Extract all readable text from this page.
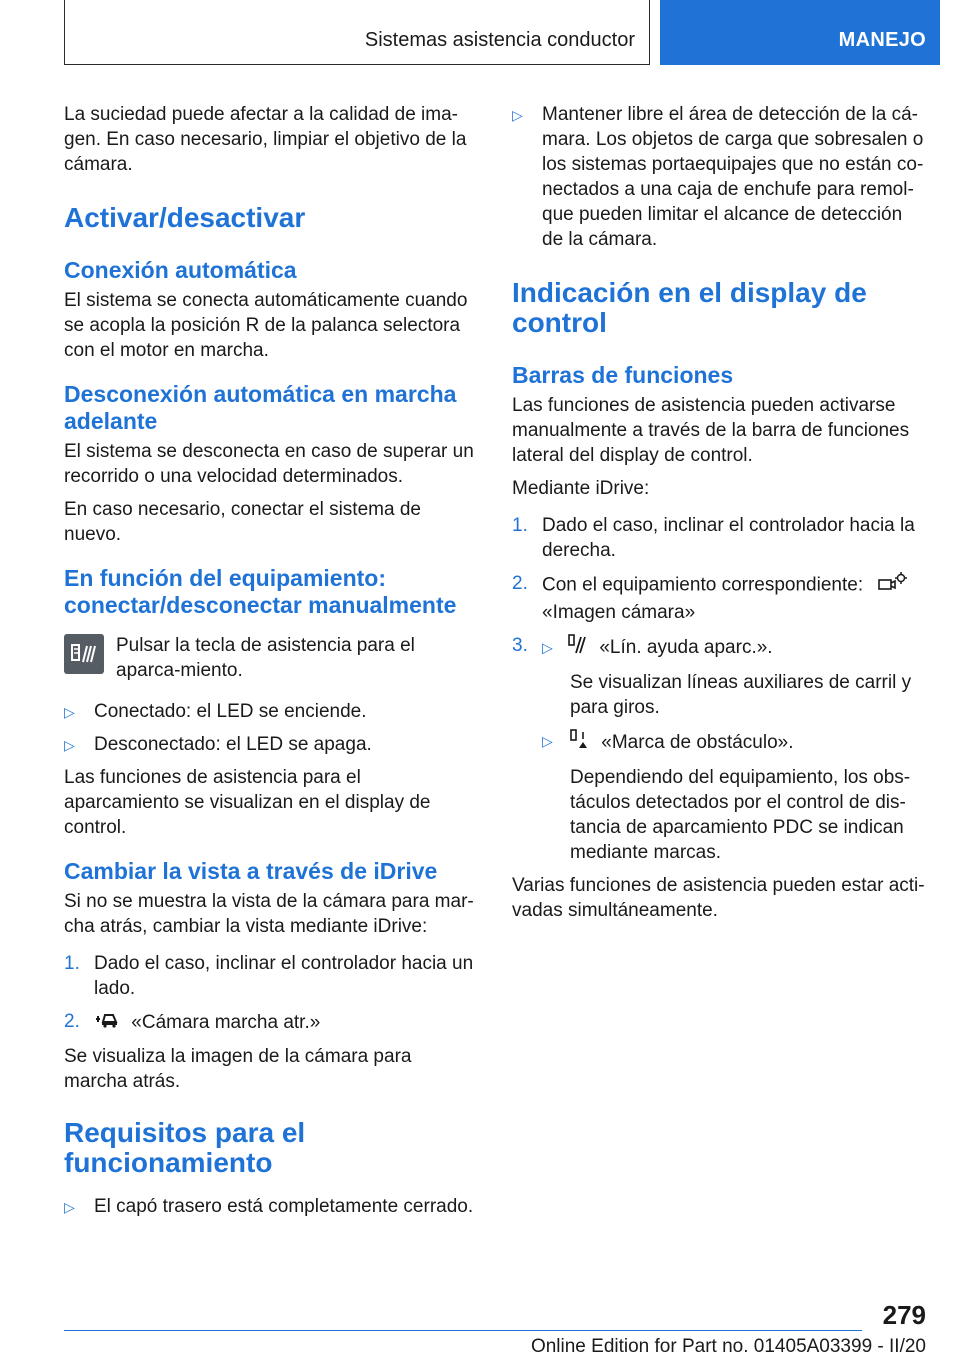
Sistemas asistencia conductor	MANEJO

La suciedad puede afectar a la calidad de ima-gen. En caso necesario, limpiar el objetivo de la cámara.

Activar/desactivar
Conexión automática

El sistema se conecta automáticamente cuando se acopla la posición R de la palanca selectora con el motor en marcha.

Desconexión automática en marcha adelante

El sistema se desconecta en caso de superar un recorrido o una velocidad determinados.

En caso necesario, conectar el sistema de nuevo.

En función del equipamiento: conectar/desconectar manualmente
Pulsar la tecla de asistencia para el aparca-miento.
▷ Conectado: el LED se enciende.
▷ Desconectado: el LED se apaga.

Las funciones de asistencia para el aparcamiento se visualizan en el display de control.

Cambiar la vista a través de iDrive

Si no se muestra la vista de la cámara para mar-cha atrás, cambiar la vista mediante iDrive:

1. Dado el caso, inclinar el controlador hacia un lado.
2.	«Cámara marcha atr.»

Se visualiza la imagen de la cámara para marcha atrás.

Requisitos para el funcionamiento
▷ El capó trasero está completamente cerrado.
▷ Mantener libre el área de detección de la cá-mara. Los objetos de carga que sobresalen o los sistemas portaequipajes que no están co-nectados a una caja de enchufe para remol-que pueden limitar el alcance de detección de la cámara.
Indicación en el display de control
Barras de funciones

Las funciones de asistencia pueden activarse manualmente a través de la barra de funciones lateral del display de control.

Mediante iDrive:

1. Dado el caso, inclinar el controlador hacia la derecha.
2. Con el equipamiento correspondiente:
«Imagen cámara»
3. ▷ «Lín. ayuda aparc.».

Se visualizan líneas auxiliares de carril y para giros.

▷	«Marca de obstáculo».

Dependiendo del equipamiento, los obs-táculos detectados por el control de dis-tancia de aparcamiento PDC se indican mediante marcas.

Varias funciones de asistencia pueden estar acti-vadas simultáneamente.

279
Online Edition for Part no. 01405A03399 - II/20
